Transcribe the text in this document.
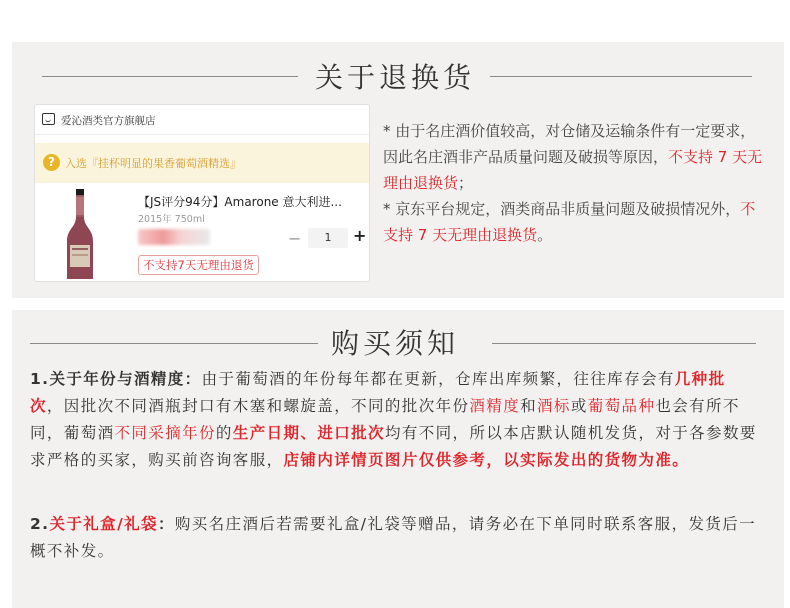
关于退换货
爱沁酒类官方旗舰店
?
入选『挂杯明显的果香葡萄酒精选』
【JS评分94分】Amarone 意大利进...
2015年 750ml
−	1	+
不支持7天无理由退货
* 由于名庄酒价值较高，对仓储及运输条件有一定要求，因此名庄酒非产品质量问题及破损等原因，不支持 7 天无理由退换货；
* 京东平台规定，酒类商品非质量问题及破损情况外，不支持 7 天无理由退换货。
购买须知
1.关于年份与酒精度：由于葡萄酒的年份每年都在更新，仓库出库频繁，往往库存会有几种批次，因批次不同酒瓶封口有木塞和螺旋盖，不同的批次年份酒精度和酒标或葡萄品种也会有所不同，葡萄酒不同采摘年份的生产日期、进口批次均有不同，所以本店默认随机发货，对于各参数要求严格的买家，购买前咨询客服，店铺内详情页图片仅供参考，以实际发出的货物为准。
2.关于礼盒/礼袋：购买名庄酒后若需要礼盒/礼袋等赠品，请务必在下单同时联系客服，发货后一概不补发。
